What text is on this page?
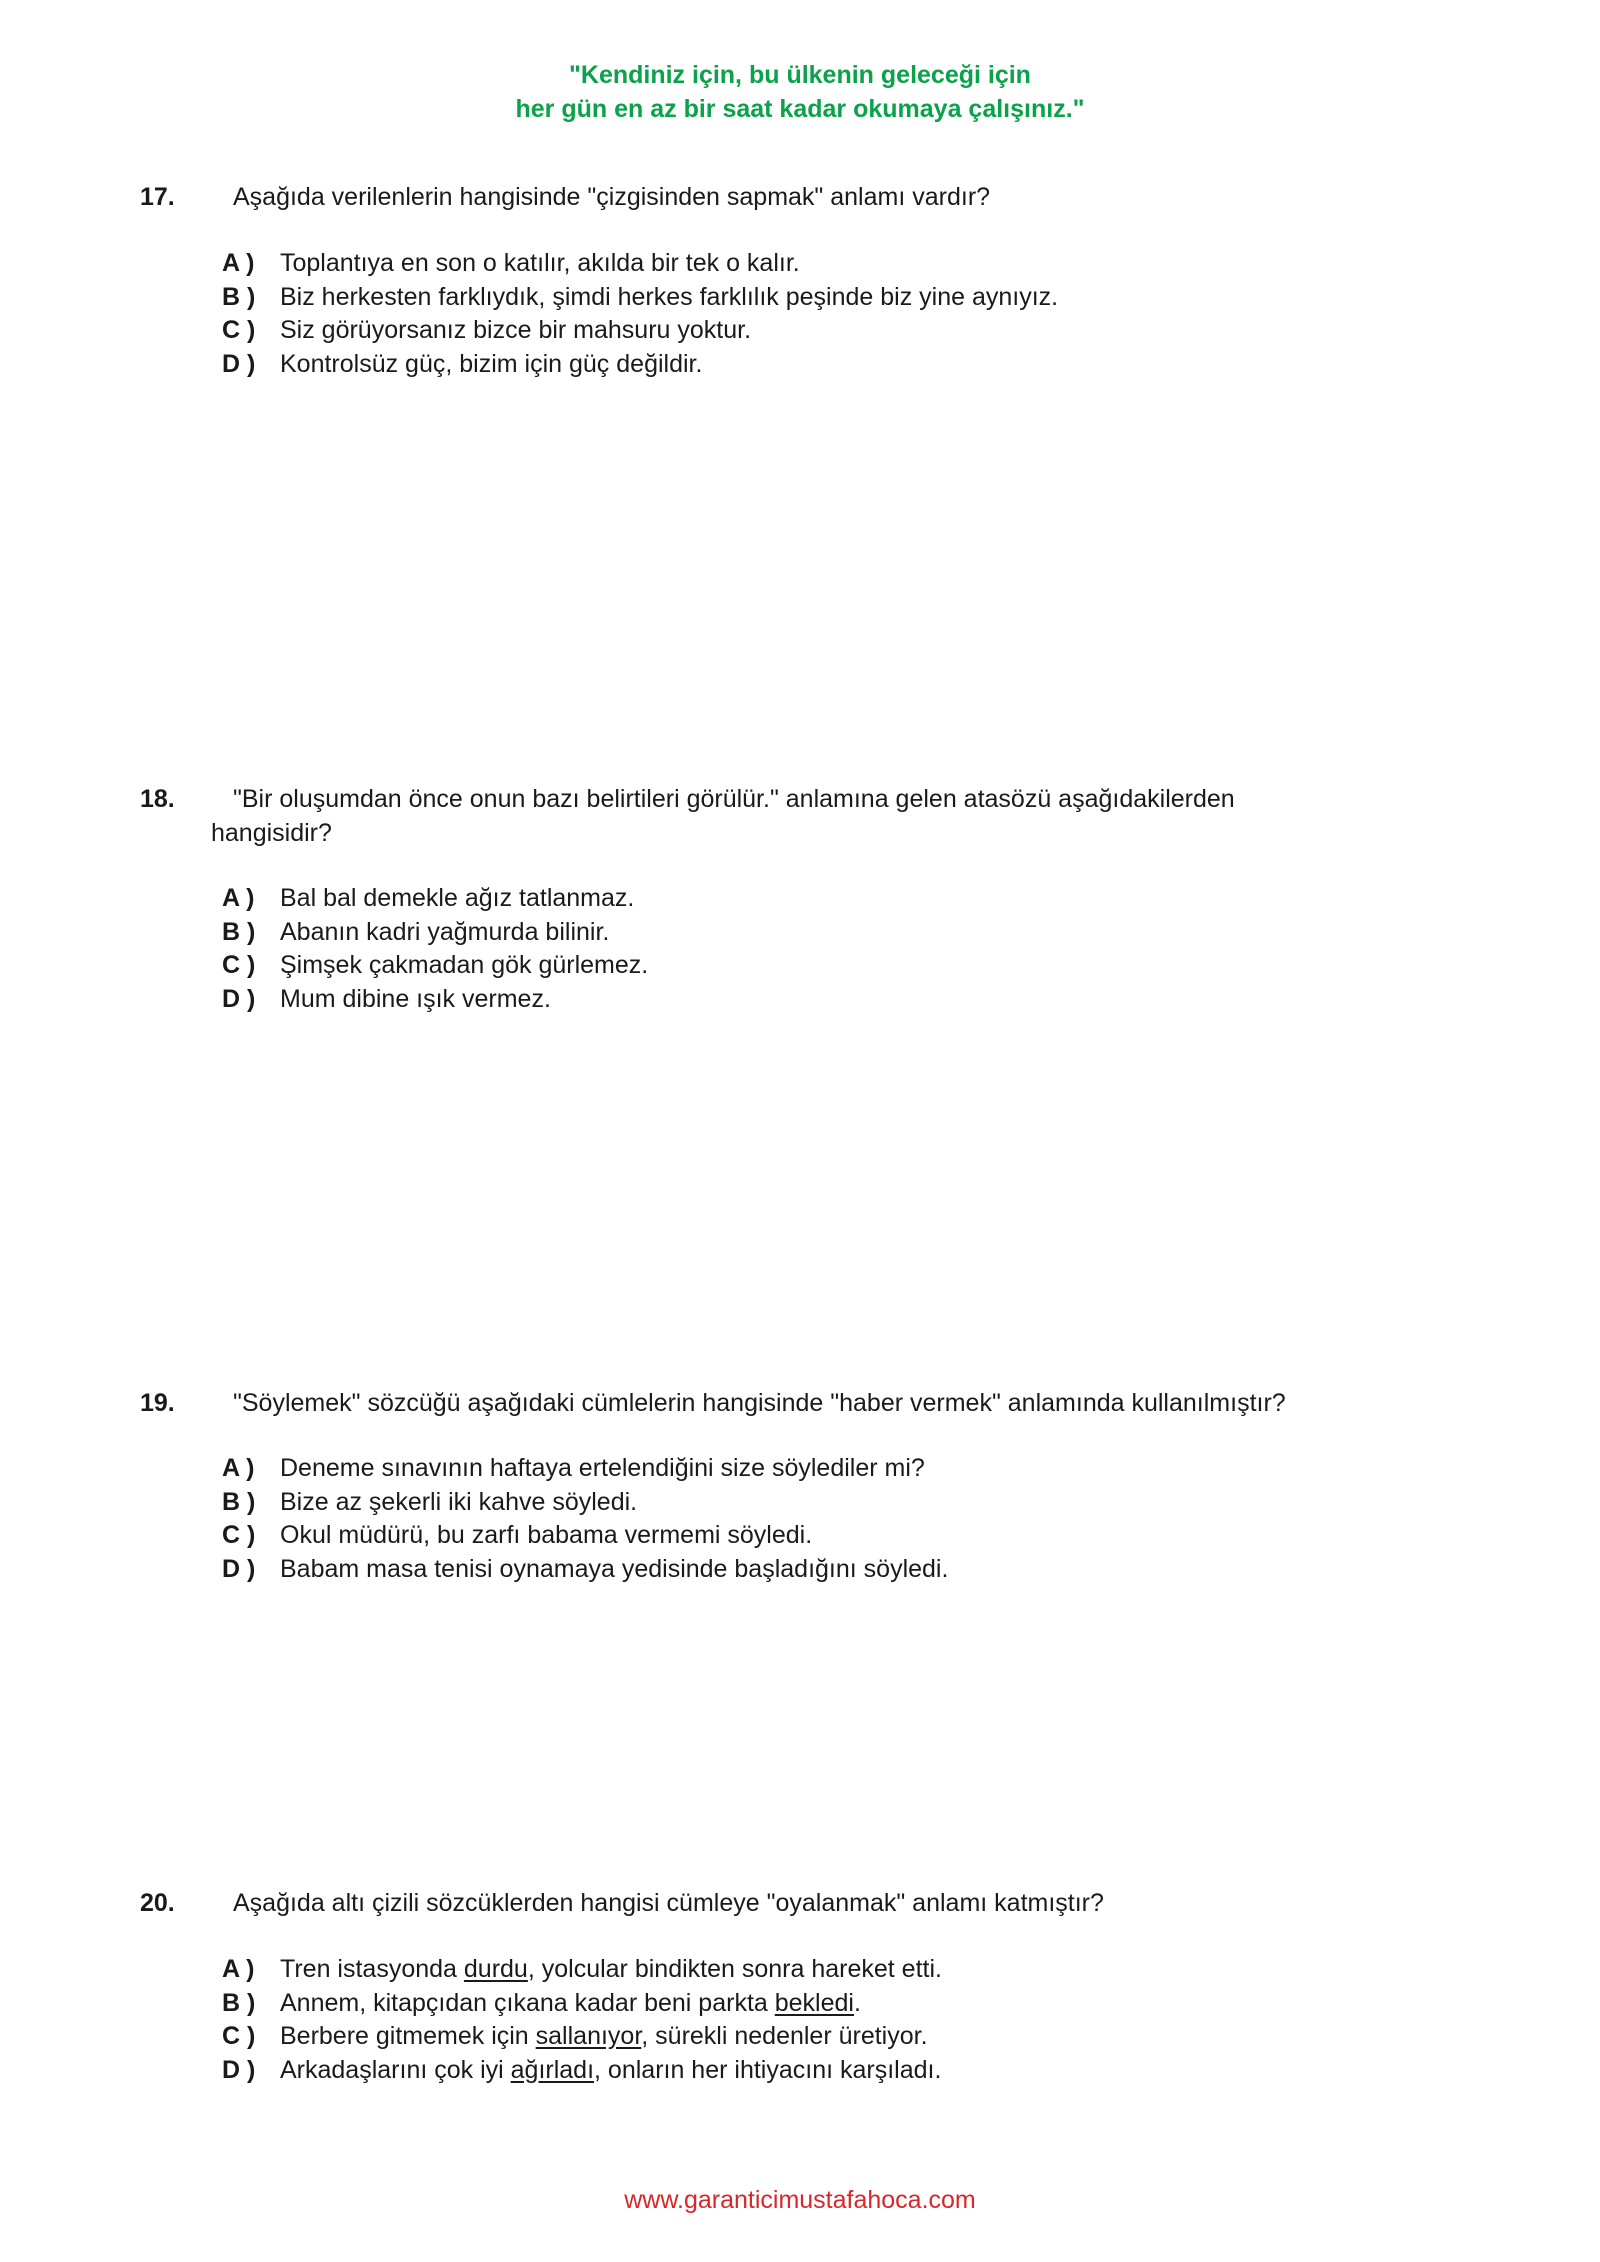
"Kendiniz için, bu ülkenin geleceği için
her gün en az bir saat kadar okumaya çalışınız."
17.	Aşağıda verilenlerin hangisinde "çizgisinden sapmak" anlamı vardır?
A )	Toplantıya en son o katılır, akılda bir tek o kalır.
B ) Biz herkesten farklıydık, şimdi herkes farklılık peşinde biz yine aynıyız.
C ) Siz görüyorsanız bizce bir mahsuru yoktur.
D ) Kontrolsüz güç, bizim için güç değildir.
18. "Bir oluşumdan önce onun bazı belirtileri görülür." anlamına gelen atasözü aşağıdakilerden
hangisidir?
A )	Bal bal demekle ağız tatlanmaz.
B ) Abanın kadri yağmurda bilinir.
C ) Şimşek çakmadan gök gürlemez.
D ) Mum dibine ışık vermez.
19.	"Söylemek" sözcüğü aşağıdaki cümlelerin hangisinde "haber vermek" anlamında kullanılmıştır?
A )	Deneme sınavının haftaya ertelendiğini size söylediler mi?
B ) Bize az şekerli iki kahve söyledi.
C ) Okul müdürü, bu zarfı babama vermemi söyledi.
D ) Babam masa tenisi oynamaya yedisinde başladığını söyledi.
20.	Aşağıda altı çizili sözcüklerden hangisi cümleye "oyalanmak" anlamı katmıştır?
A )	Tren istasyonda durdu, yolcular bindikten sonra hareket etti.
B ) Annem, kitapçıdan çıkana kadar beni parkta bekledi.
C ) Berbere gitmemek için sallanıyor, sürekli nedenler üretiyor.
D ) Arkadaşlarını çok iyi ağırladı, onların her ihtiyacını karşıladı.
www.garanticimustafahoca.com
